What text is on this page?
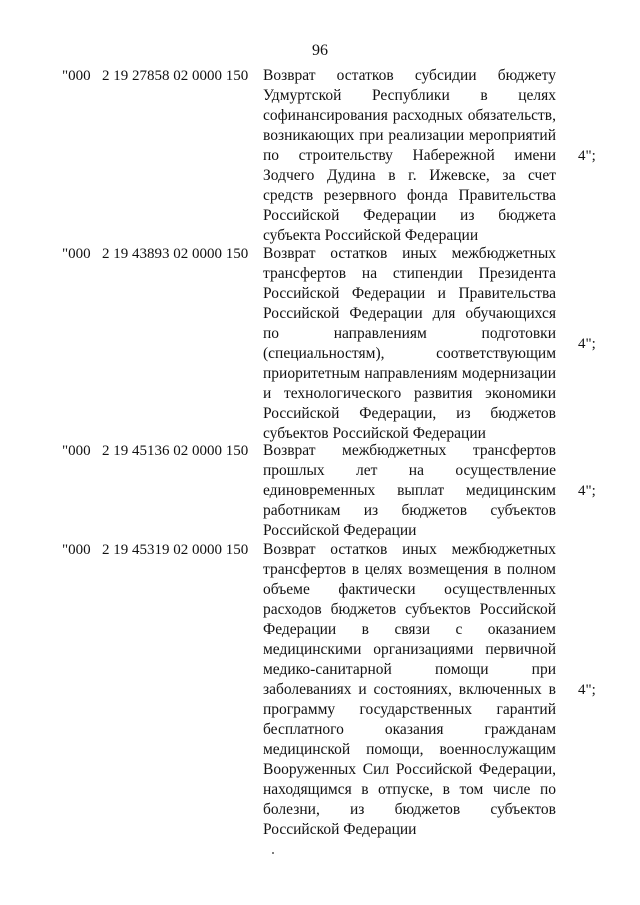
96
"000 2 19 27858 02 0000 150 Возврат остатков субсидии бюджету Удмуртской Республики в целях софинансирования расходных обязательств, возникающих при реализации мероприятий по строительству Набережной имени Зодчего Дудина в г. Ижевске, за счет средств резервного фонда Правительства Российской Федерации из бюджета субъекта Российской Федерации
4";
"000 2 19 43893 02 0000 150 Возврат остатков иных межбюджетных трансфертов на стипендии Президента Российской Федерации и Правительства Российской Федерации для обучающихся по направлениям подготовки (специальностям), соответствующим приоритетным направлениям модернизации и технологического развития экономики Российской Федерации, из бюджетов субъектов Российской Федерации
4";
"000 2 19 45136 02 0000 150 Возврат межбюджетных трансфертов прошлых лет на осуществление единовременных выплат медицинским работникам из бюджетов субъектов Российской Федерации
4";
"000 2 19 45319 02 0000 150 Возврат остатков иных межбюджетных трансфертов в целях возмещения в полном объеме фактически осуществленных расходов бюджетов субъектов Российской Федерации в связи с оказанием медицинскими организациями первичной медико-санитарной помощи при заболеваниях и состояниях, включенных в программу государственных гарантий бесплатного оказания гражданам медицинской помощи, военнослужащим Вооруженных Сил Российской Федерации, находящимся в отпуске, в том числе по болезни, из бюджетов субъектов Российской Федерации
4";
